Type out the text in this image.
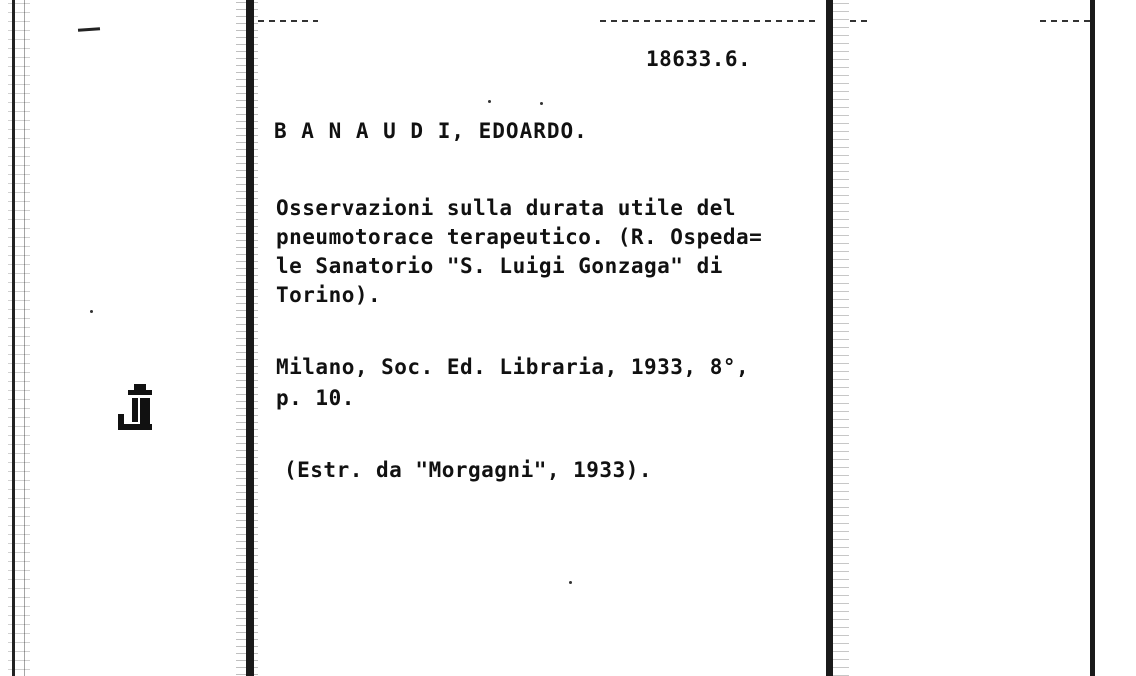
18633.6.
B A N A U D I, EDOARDO.
Osservazioni sulla durata utile del
pneumotorace terapeutico. (R. Ospeda=
le Sanatorio "S. Luigi Gonzaga" di
Torino).
Milano, Soc. Ed. Libraria, 1933, 8°,
p. 10.
(Estr. da "Morgagni", 1933).
